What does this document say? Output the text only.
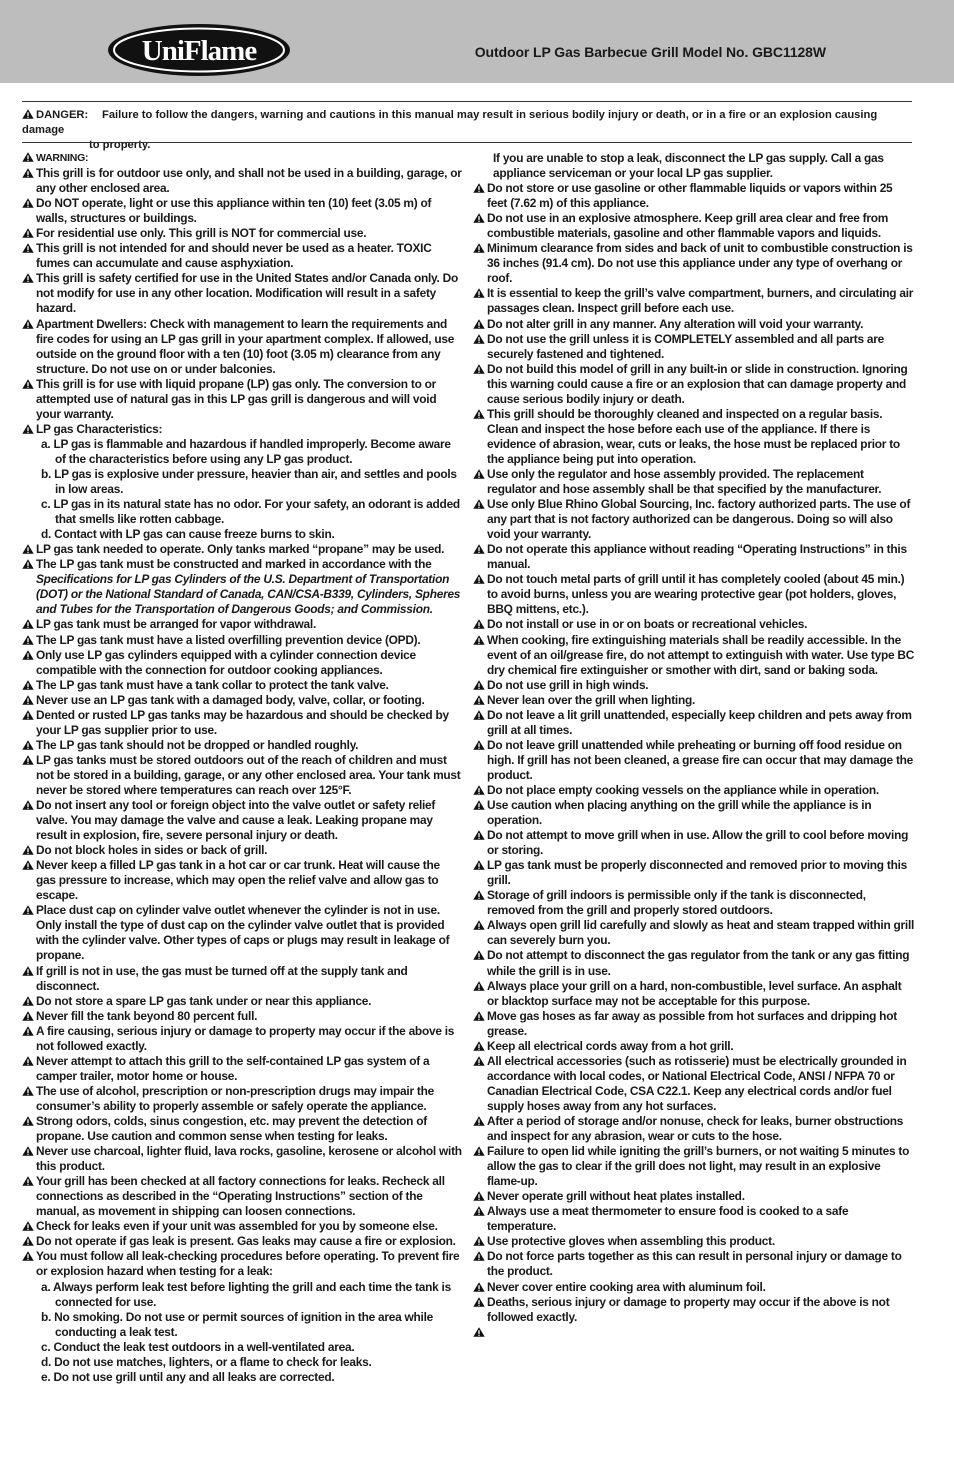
UniFlame	Outdoor LP Gas Barbecue Grill Model No. GBC1128W
DANGER: Failure to follow the dangers, warning and cautions in this manual may result in serious bodily injury or death, or in a fire or an explosion causing damage
to property.
WARNING:
This grill is for outdoor use only, and shall not be used in a building, garage, or any other enclosed area.
Do NOT operate, light or use this appliance within ten (10) feet (3.05 m) of walls, structures or buildings.
For residential use only. This grill is NOT for commercial use.
This grill is not intended for and should never be used as a heater. TOXIC fumes can accumulate and cause asphyxiation.
This grill is safety certified for use in the United States and/or Canada only. Do not modify for use in any other location. Modification will result in a safety hazard.
Apartment Dwellers: Check with management to learn the requirements and fire codes for using an LP gas grill in your apartment complex. If allowed, use outside on the ground floor with a ten (10) foot (3.05 m) clearance from any structure. Do not use on or under balconies.
This grill is for use with liquid propane (LP) gas only. The conversion to or attempted use of natural gas in this LP gas grill is dangerous and will void your warranty.
LP gas Characteristics:
a. LP gas is flammable and hazardous if handled improperly. Become aware of the characteristics before using any LP gas product.
b. LP gas is explosive under pressure, heavier than air, and settles and pools in low areas.
c. LP gas in its natural state has no odor. For your safety, an odorant is added that smells like rotten cabbage.
d. Contact with LP gas can cause freeze burns to skin.
LP gas tank needed to operate. Only tanks marked “propane” may be used.
The LP gas tank must be constructed and marked in accordance with the Specifications for LP gas Cylinders of the U.S. Department of Transportation (DOT) or the National Standard of Canada, CAN/CSA-B339, Cylinders, Spheres and Tubes for the Transportation of Dangerous Goods; and Commission.
LP gas tank must be arranged for vapor withdrawal.
The LP gas tank must have a listed overfilling prevention device (OPD).
Only use LP gas cylinders equipped with a cylinder connection device compatible with the connection for outdoor cooking appliances.
The LP gas tank must have a tank collar to protect the tank valve.
Never use an LP gas tank with a damaged body, valve, collar, or footing.
Dented or rusted LP gas tanks may be hazardous and should be checked by your LP gas supplier prior to use.
The LP gas tank should not be dropped or handled roughly.
LP gas tanks must be stored outdoors out of the reach of children and must not be stored in a building, garage, or any other enclosed area. Your tank must never be stored where temperatures can reach over 125°F.
Do not insert any tool or foreign object into the valve outlet or safety relief valve. You may damage the valve and cause a leak. Leaking propane may result in explosion, fire, severe personal injury or death.
Do not block holes in sides or back of grill.
Never keep a filled LP gas tank in a hot car or car trunk. Heat will cause the gas pressure to increase, which may open the relief valve and allow gas to escape.
Place dust cap on cylinder valve outlet whenever the cylinder is not in use. Only install the type of dust cap on the cylinder valve outlet that is provided with the cylinder valve. Other types of caps or plugs may result in leakage of propane.
If grill is not in use, the gas must be turned off at the supply tank and disconnect.
Do not store a spare LP gas tank under or near this appliance.
Never fill the tank beyond 80 percent full.
A fire causing, serious injury or damage to property may occur if the above is not followed exactly.
Never attempt to attach this grill to the self-contained LP gas system of a camper trailer, motor home or house.
The use of alcohol, prescription or non-prescription drugs may impair the consumer’s ability to properly assemble or safely operate the appliance.
Strong odors, colds, sinus congestion, etc. may prevent the detection of propane. Use caution and common sense when testing for leaks.
Never use charcoal, lighter fluid, lava rocks, gasoline, kerosene or alcohol with this product.
Your grill has been checked at all factory connections for leaks. Recheck all connections as described in the “Operating Instructions” section of the manual, as movement in shipping can loosen connections.
Check for leaks even if your unit was assembled for you by someone else.
Do not operate if gas leak is present. Gas leaks may cause a fire or explosion.
You must follow all leak-checking procedures before operating. To prevent fire or explosion hazard when testing for a leak:
a. Always perform leak test before lighting the grill and each time the tank is connected for use.
b. No smoking. Do not use or permit sources of ignition in the area while conducting a leak test.
c. Conduct the leak test outdoors in a well-ventilated area.
d. Do not use matches, lighters, or a flame to check for leaks.
e. Do not use grill until any and all leaks are corrected.
If you are unable to stop a leak, disconnect the LP gas supply. Call a gas appliance serviceman or your local LP gas supplier.
Do not store or use gasoline or other flammable liquids or vapors within 25 feet (7.62 m) of this appliance.
Do not use in an explosive atmosphere. Keep grill area clear and free from combustible materials, gasoline and other flammable vapors and liquids.
Minimum clearance from sides and back of unit to combustible construction is 36 inches (91.4 cm). Do not use this appliance under any type of overhang or roof.
It is essential to keep the grill’s valve compartment, burners, and circulating air passages clean. Inspect grill before each use.
Do not alter grill in any manner. Any alteration will void your warranty.
Do not use the grill unless it is COMPLETELY assembled and all parts are securely fastened and tightened.
Do not build this model of grill in any built-in or slide in construction. Ignoring this warning could cause a fire or an explosion that can damage property and cause serious bodily injury or death.
This grill should be thoroughly cleaned and inspected on a regular basis. Clean and inspect the hose before each use of the appliance. If there is evidence of abrasion, wear, cuts or leaks, the hose must be replaced prior to the appliance being put into operation.
Use only the regulator and hose assembly provided. The replacement regulator and hose assembly shall be that specified by the manufacturer.
Use only Blue Rhino Global Sourcing, Inc. factory authorized parts. The use of any part that is not factory authorized can be dangerous. Doing so will also void your warranty.
Do not operate this appliance without reading “Operating Instructions” in this manual.
Do not touch metal parts of grill until it has completely cooled (about 45 min.) to avoid burns, unless you are wearing protective gear (pot holders, gloves, BBQ mittens, etc.).
Do not install or use in or on boats or recreational vehicles.
When cooking, fire extinguishing materials shall be readily accessible. In the event of an oil/grease fire, do not attempt to extinguish with water. Use type BC dry chemical fire extinguisher or smother with dirt, sand or baking soda.
Do not use grill in high winds.
Never lean over the grill when lighting.
Do not leave a lit grill unattended, especially keep children and pets away from grill at all times.
Do not leave grill unattended while preheating or burning off food residue on high. If grill has not been cleaned, a grease fire can occur that may damage the product.
Do not place empty cooking vessels on the appliance while in operation.
Use caution when placing anything on the grill while the appliance is in operation.
Do not attempt to move grill when in use. Allow the grill to cool before moving or storing.
LP gas tank must be properly disconnected and removed prior to moving this grill.
Storage of grill indoors is permissible only if the tank is disconnected, removed from the grill and properly stored outdoors.
Always open grill lid carefully and slowly as heat and steam trapped within grill can severely burn you.
Do not attempt to disconnect the gas regulator from the tank or any gas fitting while the grill is in use.
Always place your grill on a hard, non-combustible, level surface. An asphalt or blacktop surface may not be acceptable for this purpose.
Move gas hoses as far away as possible from hot surfaces and dripping hot grease.
Keep all electrical cords away from a hot grill.
All electrical accessories (such as rotisserie) must be electrically grounded in accordance with local codes, or National Electrical Code, ANSI / NFPA 70 or Canadian Electrical Code, CSA C22.1. Keep any electrical cords and/or fuel supply hoses away from any hot surfaces.
After a period of storage and/or nonuse, check for leaks, burner obstructions and inspect for any abrasion, wear or cuts to the hose.
Failure to open lid while igniting the grill’s burners, or not waiting 5 minutes to allow the gas to clear if the grill does not light, may result in an explosive flame-up.
Never operate grill without heat plates installed.
Always use a meat thermometer to ensure food is cooked to a safe temperature.
Use protective gloves when assembling this product.
Do not force parts together as this can result in personal injury or damage to the product.
Never cover entire cooking area with aluminum foil.
Deaths, serious injury or damage to property may occur if the above is not followed exactly.
